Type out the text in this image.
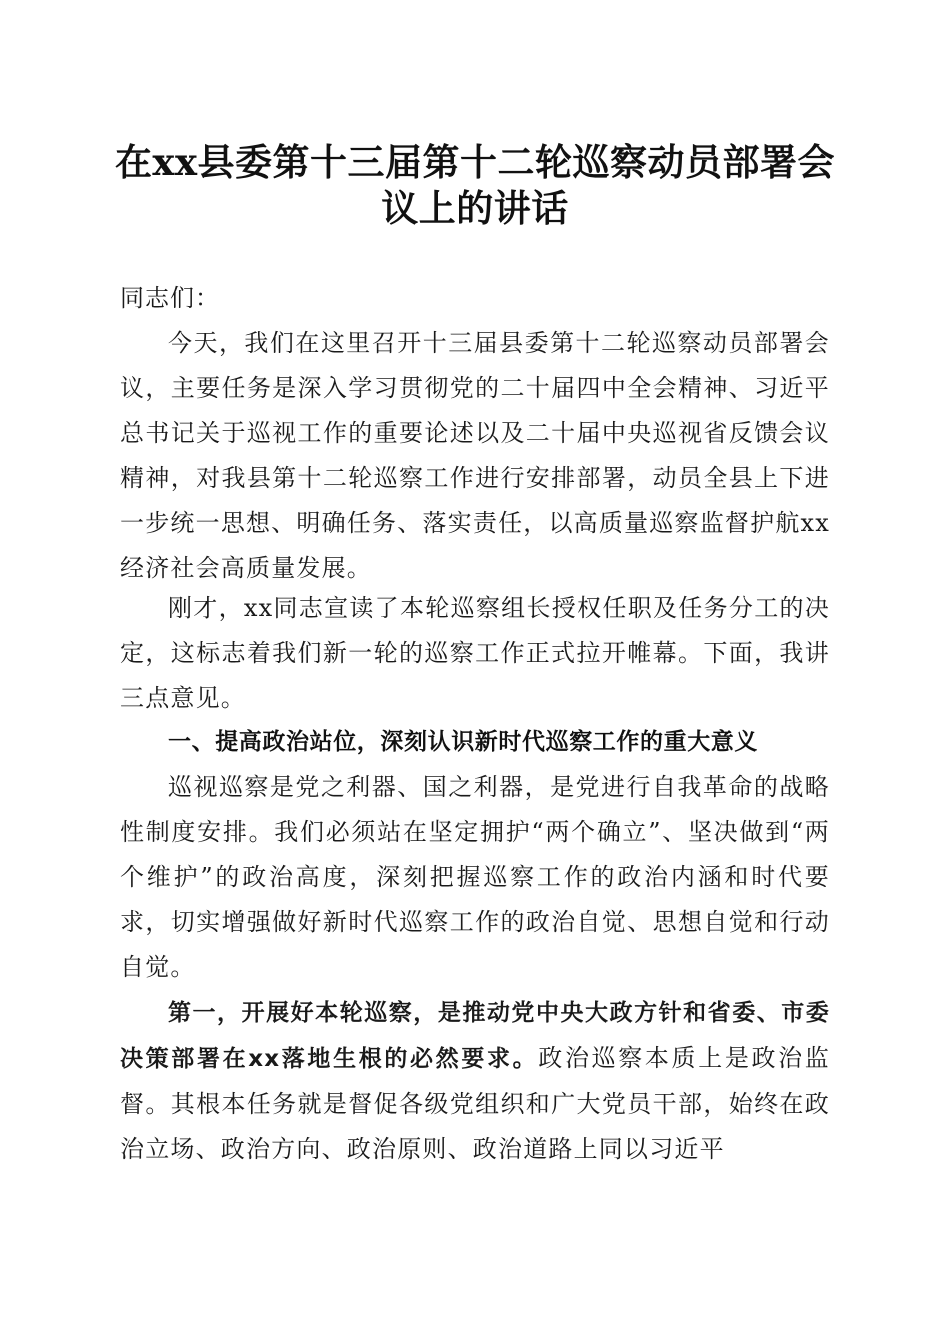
在xx县委第十三届第十二轮巡察动员部署会
议上的讲话

同志们：

今天，我们在这里召开十三届县委第十二轮巡察动员部署会议，主要任务是深入学习贯彻党的二十届四中全会精神、习近平总书记关于巡视工作的重要论述以及二十届中央巡视省反馈会议精神，对我县第十二轮巡察工作进行安排部署，动员全县上下进一步统一思想、明确任务、落实责任，以高质量巡察监督护航xx经济社会高质量发展。

刚才，xx同志宣读了本轮巡察组长授权任职及任务分工的决定，这标志着我们新一轮的巡察工作正式拉开帷幕。下面，我讲三点意见。

一、提高政治站位，深刻认识新时代巡察工作的重大意义

巡视巡察是党之利器、国之利器，是党进行自我革命的战略性制度安排。我们必须站在坚定拥护“两个确立”、坚决做到“两个维护”的政治高度，深刻把握巡察工作的政治内涵和时代要求，切实增强做好新时代巡察工作的政治自觉、思想自觉和行动自觉。

第一，开展好本轮巡察，是推动党中央大政方针和省委、市委决策部署在xx落地生根的必然要求。政治巡察本质上是政治监督。其根本任务就是督促各级党组织和广大党员干部，始终在政治立场、政治方向、政治原则、政治道路上同以习近平
